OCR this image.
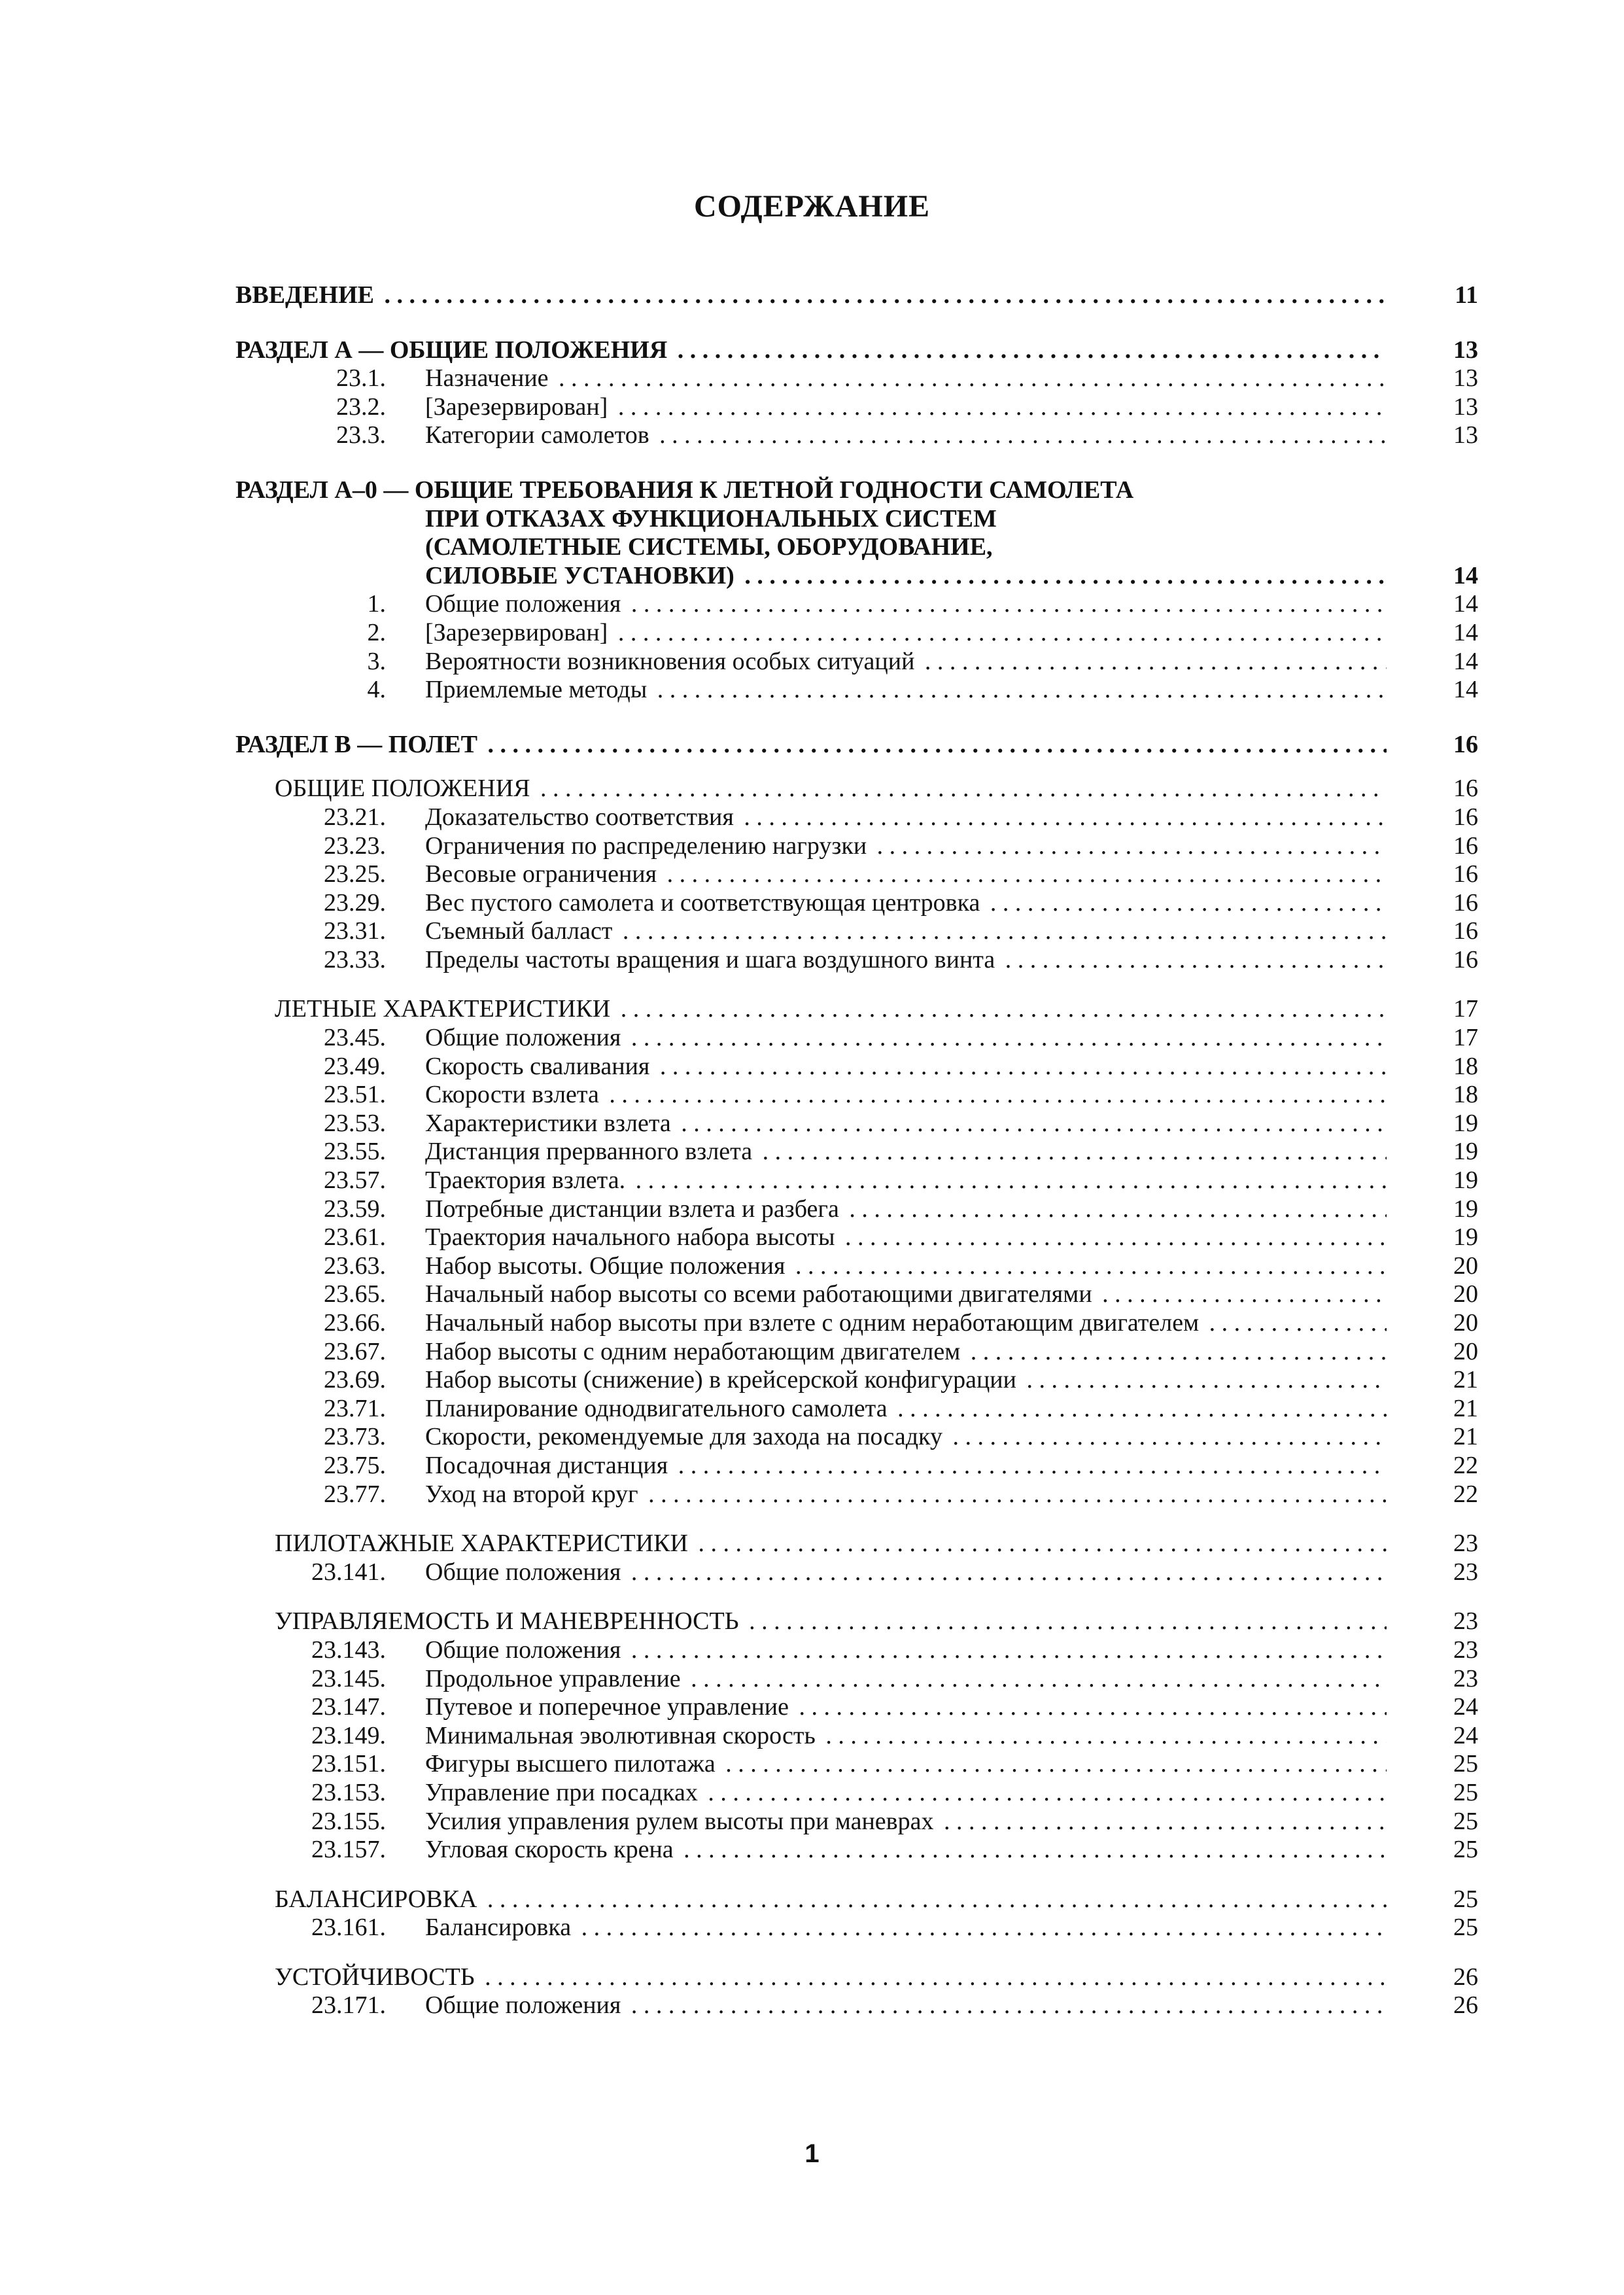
СОДЕРЖАНИЕ
ВВЕДЕНИЕ . . .	11
РАЗДЕЛ А — ОБЩИЕ ПОЛОЖЕНИЯ . . .	13
23.1. Назначение . . .	13
23.2. [Зарезервирован] . . .	13
23.3. Категории самолетов . . .	13
РАЗДЕЛ А–0 — ОБЩИЕ ТРЕБОВАНИЯ К ЛЕТНОЙ ГОДНОСТИ САМОЛЕТА
ПРИ ОТКАЗАХ ФУНКЦИОНАЛЬНЫХ СИСТЕМ
(САМОЛЕТНЫЕ СИСТЕМЫ, ОБОРУДОВАНИЕ,
СИЛОВЫЕ УСТАНОВКИ) . . .	14
1. Общие положения . . .	14
2. [Зарезервирован] . . .	14
3. Вероятности возникновения особых ситуаций . . .	14
4. Приемлемые методы . . .	14
РАЗДЕЛ В — ПОЛЕТ . . .	16
ОБЩИЕ ПОЛОЖЕНИЯ . . .	16
23.21. Доказательство соответствия . . .	16
23.23. Ограничения по распределению нагрузки . . .	16
23.25. Весовые ограничения . . .	16
23.29. Вес пустого самолета и соответствующая центровка . . .	16
23.31. Съемный балласт . . .	16
23.33. Пределы частоты вращения и шага воздушного винта . . .	16
ЛЕТНЫЕ ХАРАКТЕРИСТИКИ . . .	17
23.45. Общие положения . . .	17
23.49. Скорость сваливания . . .	18
23.51. Скорости взлета . . .	18
23.53. Характеристики взлета . . .	19
23.55. Дистанция прерванного взлета . . .	19
23.57. Траектория взлета. . . .	19
23.59. Потребные дистанции взлета и разбега . . .	19
23.61. Траектория начального набора высоты . . .	19
23.63. Набор высоты. Общие положения . . .	20
23.65. Начальный набор высоты со всеми работающими двигателями . . .	20
23.66. Начальный набор высоты при взлете с одним неработающим двигателем . . .	20
23.67. Набор высоты с одним неработающим двигателем . . .	20
23.69. Набор высоты (снижение) в крейсерской конфигурации . . .	21
23.71. Планирование однодвигательного самолета . . .	21
23.73. Скорости, рекомендуемые для захода на посадку . . .	21
23.75. Посадочная дистанция . . .	22
23.77. Уход на второй круг . . .	22
ПИЛОТАЖНЫЕ ХАРАКТЕРИСТИКИ . . .	23
23.141. Общие положения . . .	23
УПРАВЛЯЕМОСТЬ И МАНЕВРЕННОСТЬ . . .	23
23.143. Общие положения . . .	23
23.145. Продольное управление . . .	23
23.147. Путевое и поперечное управление . . .	24
23.149. Минимальная эволютивная скорость . . .	24
23.151. Фигуры высшего пилотажа . . .	25
23.153. Управление при посадках . . .	25
23.155. Усилия управления рулем высоты при маневрах . . .	25
23.157. Угловая скорость крена . . .	25
БАЛАНСИРОВКА . . .	25
23.161. Балансировка . . .	25
УСТОЙЧИВОСТЬ . . .	26
23.171. Общие положения . . .	26
1
